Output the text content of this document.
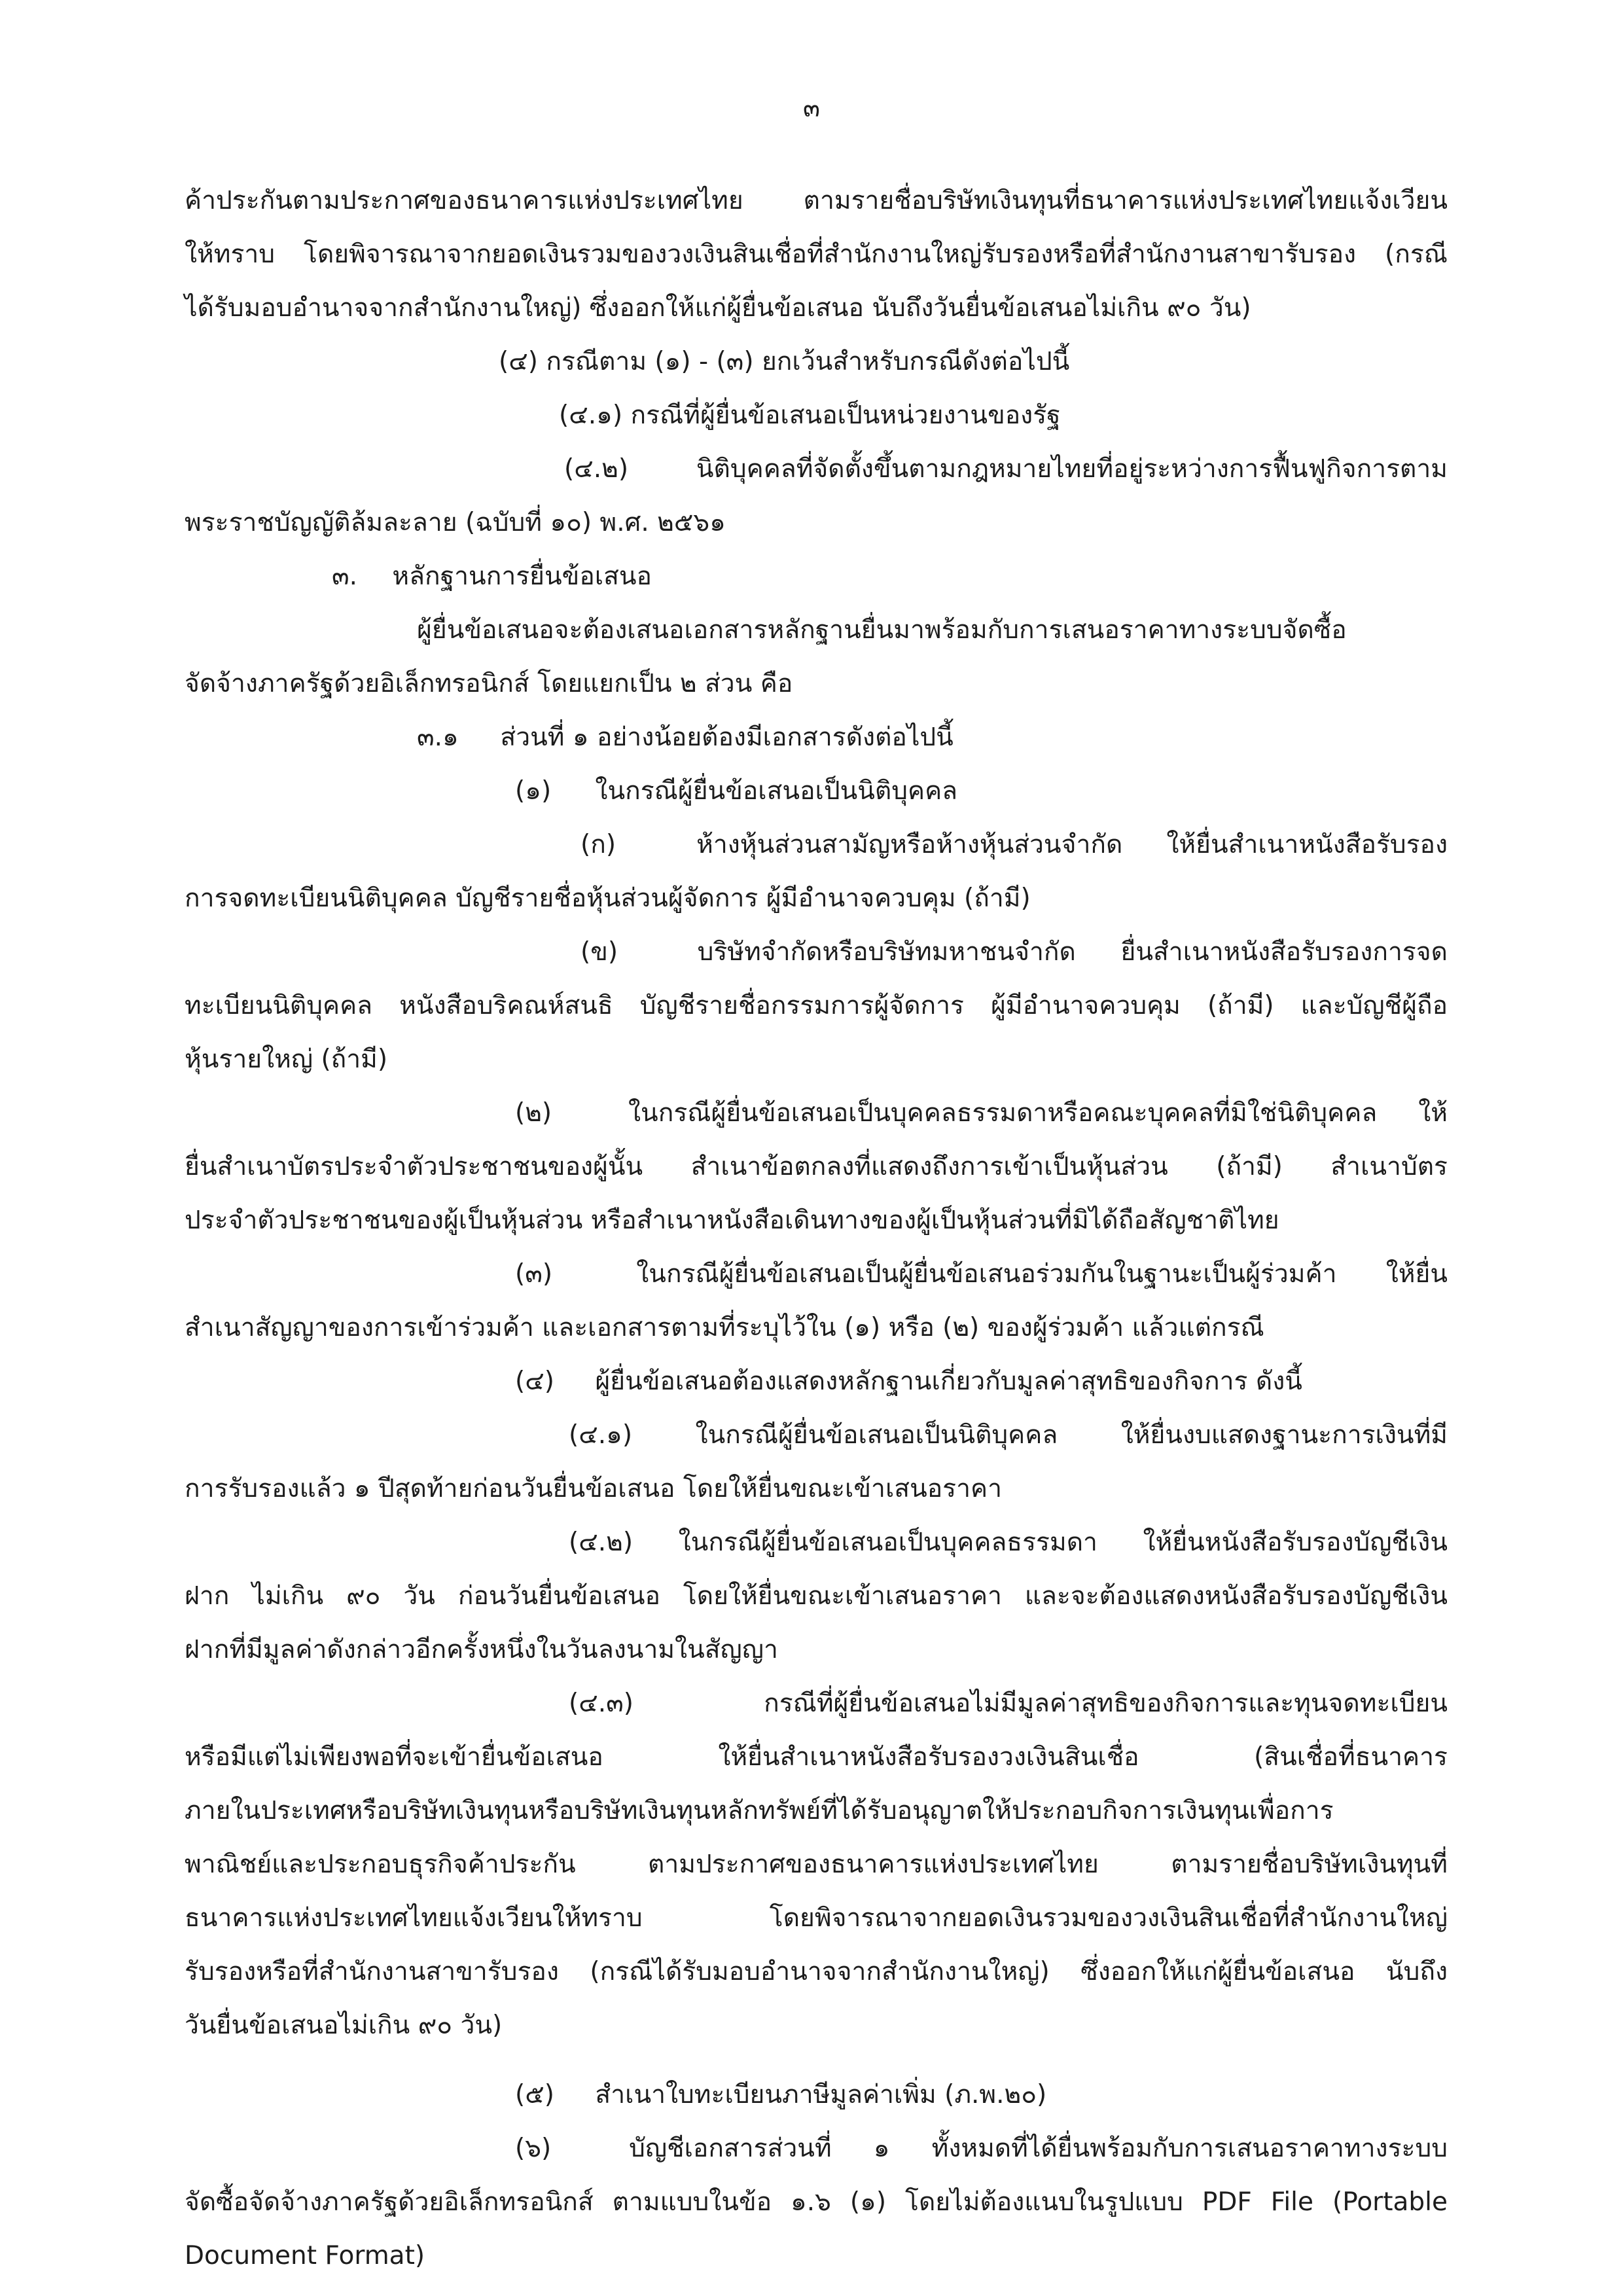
๓
ค้าประกันตามประกาศของธนาคารแห่งประเทศไทย ตามรายชื่อบริษัทเงินทุนที่ธนาคารแห่งประเทศไทยแจ้งเวียน
ให้ทราบ โดยพิจารณาจากยอดเงินรวมของวงเงินสินเชื่อที่สำนักงานใหญ่รับรองหรือที่สำนักงานสาขารับรอง (กรณี
ได้รับมอบอำนาจจากสำนักงานใหญ่) ซึ่งออกให้แก่ผู้ยื่นข้อเสนอ นับถึงวันยื่นข้อเสนอไม่เกิน ๙๐ วัน)
(๔) กรณีตาม (๑) - (๓) ยกเว้นสำหรับกรณีดังต่อไปนี้
(๔.๑) กรณีที่ผู้ยื่นข้อเสนอเป็นหน่วยงานของรัฐ
(๔.๒) นิติบุคคลที่จัดตั้งขึ้นตามกฎหมายไทยที่อยู่ระหว่างการฟื้นฟูกิจการตาม
พระราชบัญญัติล้มละลาย (ฉบับที่ ๑๐) พ.ศ. ๒๕๖๑
๓. หลักฐานการยื่นข้อเสนอ
ผู้ยื่นข้อเสนอจะต้องเสนอเอกสารหลักฐานยื่นมาพร้อมกับการเสนอราคาทางระบบจัดซื้อ
จัดจ้างภาครัฐด้วยอิเล็กทรอนิกส์ โดยแยกเป็น ๒ ส่วน คือ
๓.๑ ส่วนที่ ๑ อย่างน้อยต้องมีเอกสารดังต่อไปนี้
(๑) ในกรณีผู้ยื่นข้อเสนอเป็นนิติบุคคล
(ก)	ห้างหุ้นส่วนสามัญหรือห้างหุ้นส่วนจำกัด ให้ยื่นสำเนาหนังสือรับรอง
การจดทะเบียนนิติบุคคล บัญชีรายชื่อหุ้นส่วนผู้จัดการ ผู้มีอำนาจควบคุม (ถ้ามี)
(ข)	บริษัทจำกัดหรือบริษัทมหาชนจำกัด ยื่นสำเนาหนังสือรับรองการจด
ทะเบียนนิติบุคคล หนังสือบริคณห์สนธิ บัญชีรายชื่อกรรมการผู้จัดการ ผู้มีอำนาจควบคุม (ถ้ามี) และบัญชีผู้ถือ
หุ้นรายใหญ่ (ถ้ามี)
(๒)	ในกรณีผู้ยื่นข้อเสนอเป็นบุคคลธรรมดาหรือคณะบุคคลที่มิใช่นิติบุคคล ให้
ยื่นสำเนาบัตรประจำตัวประชาชนของผู้นั้น สำเนาข้อตกลงที่แสดงถึงการเข้าเป็นหุ้นส่วน (ถ้ามี) สำเนาบัตร
ประจำตัวประชาชนของผู้เป็นหุ้นส่วน หรือสำเนาหนังสือเดินทางของผู้เป็นหุ้นส่วนที่มิได้ถือสัญชาติไทย
(๓)	ในกรณีผู้ยื่นข้อเสนอเป็นผู้ยื่นข้อเสนอร่วมกันในฐานะเป็นผู้ร่วมค้า ให้ยื่น
สำเนาสัญญาของการเข้าร่วมค้า และเอกสารตามที่ระบุไว้ใน (๑) หรือ (๒) ของผู้ร่วมค้า แล้วแต่กรณี
(๔) ผู้ยื่นข้อเสนอต้องแสดงหลักฐานเกี่ยวกับมูลค่าสุทธิของกิจการ ดังนี้
(๔.๑) ในกรณีผู้ยื่นข้อเสนอเป็นนิติบุคคล ให้ยื่นงบแสดงฐานะการเงินที่มี
การรับรองแล้ว ๑ ปีสุดท้ายก่อนวันยื่นข้อเสนอ โดยให้ยื่นขณะเข้าเสนอราคา
(๔.๒) ในกรณีผู้ยื่นข้อเสนอเป็นบุคคลธรรมดา ให้ยื่นหนังสือรับรองบัญชีเงิน
ฝาก ไม่เกิน ๙๐ วัน ก่อนวันยื่นข้อเสนอ โดยให้ยื่นขณะเข้าเสนอราคา และจะต้องแสดงหนังสือรับรองบัญชีเงิน
ฝากที่มีมูลค่าดังกล่าวอีกครั้งหนึ่งในวันลงนามในสัญญา
(๔.๓) กรณีที่ผู้ยื่นข้อเสนอไม่มีมูลค่าสุทธิของกิจการและทุนจดทะเบียน
หรือมีแต่ไม่เพียงพอที่จะเข้ายื่นข้อเสนอ ให้ยื่นสำเนาหนังสือรับรองวงเงินสินเชื่อ (สินเชื่อที่ธนาคาร
ภายในประเทศหรือบริษัทเงินทุนหรือบริษัทเงินทุนหลักทรัพย์ที่ได้รับอนุญาตให้ประกอบกิจการเงินทุนเพื่อการ
พาณิชย์และประกอบธุรกิจค้าประกัน ตามประกาศของธนาคารแห่งประเทศไทย ตามรายชื่อบริษัทเงินทุนที่
ธนาคารแห่งประเทศไทยแจ้งเวียนให้ทราบ โดยพิจารณาจากยอดเงินรวมของวงเงินสินเชื่อที่สำนักงานใหญ่
รับรองหรือที่สำนักงานสาขารับรอง (กรณีได้รับมอบอำนาจจากสำนักงานใหญ่) ซึ่งออกให้แก่ผู้ยื่นข้อเสนอ นับถึง
วันยื่นข้อเสนอไม่เกิน ๙๐ วัน)
(๕) สำเนาใบทะเบียนภาษีมูลค่าเพิ่ม (ภ.พ.๒๐)
(๖)	บัญชีเอกสารส่วนที่ ๑ ทั้งหมดที่ได้ยื่นพร้อมกับการเสนอราคาทางระบบ
จัดซื้อจัดจ้างภาครัฐด้วยอิเล็กทรอนิกส์ ตามแบบในข้อ ๑.๖ (๑) โดยไม่ต้องแนบในรูปแบบ PDF File (Portable
Document Format)
